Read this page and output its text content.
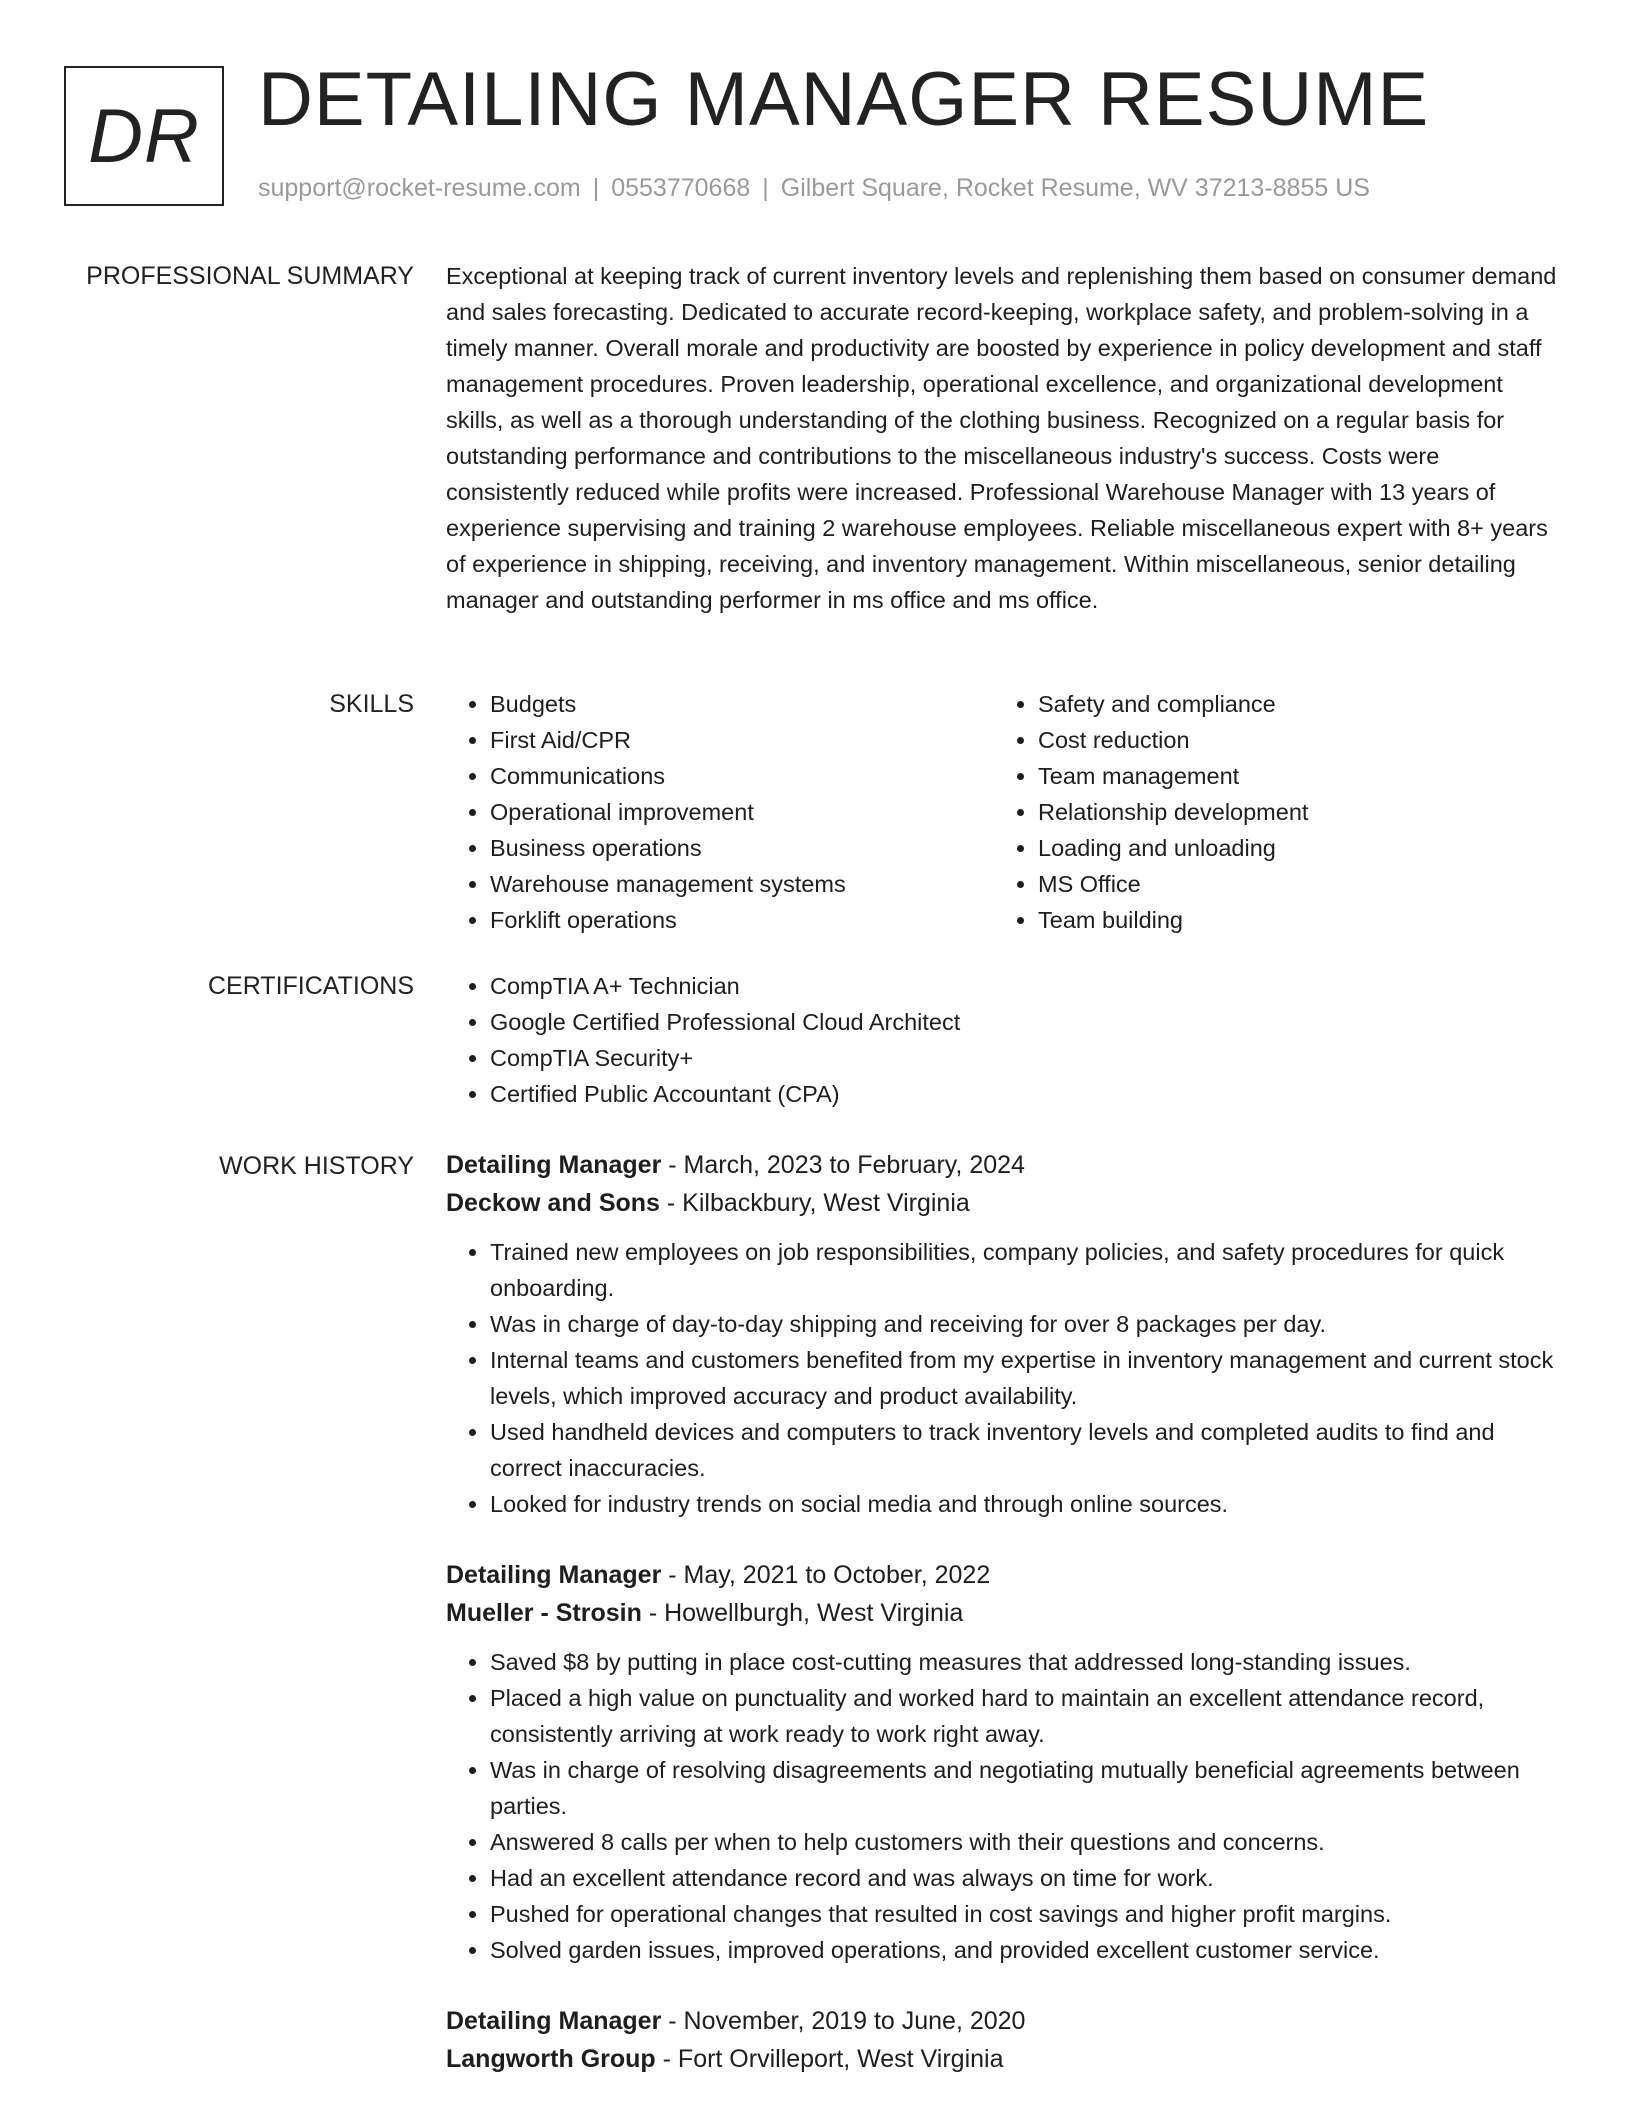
DR DETAILING MANAGER RESUME
support@rocket-resume.com | 0553770668 | Gilbert Square, Rocket Resume, WV 37213-8855 US
PROFESSIONAL SUMMARY Exceptional at keeping track of current inventory levels and replenishing them based on consumer demand and sales forecasting. Dedicated to accurate record-keeping, workplace safety, and problem-solving in a timely manner. Overall morale and productivity are boosted by experience in policy development and staff management procedures. Proven leadership, operational excellence, and organizational development skills, as well as a thorough understanding of the clothing business. Recognized on a regular basis for outstanding performance and contributions to the miscellaneous industry's success. Costs were consistently reduced while profits were increased. Professional Warehouse Manager with 13 years of experience supervising and training 2 warehouse employees. Reliable miscellaneous expert with 8+ years of experience in shipping, receiving, and inventory management. Within miscellaneous, senior detailing manager and outstanding performer in ms office and ms office.
SKILLS	• Budgets
• First Aid/CPR
• Communications
• Operational improvement
• Business operations
• Warehouse management systems
• Forklift operations
• Safety and compliance
• Cost reduction
• Team management
• Relationship development
• Loading and unloading
• MS Office
• Team building
CERTIFICATIONS	• CompTIA A+ Technician
• Google Certified Professional Cloud Architect
• CompTIA Security+
• Certified Public Accountant (CPA)
WORK HISTORY Detailing Manager - March, 2023 to February, 2024
Deckow and Sons - Kilbackbury, West Virginia
• Trained new employees on job responsibilities, company policies, and safety procedures for quick onboarding.
• Was in charge of day-to-day shipping and receiving for over 8 packages per day.
• Internal teams and customers benefited from my expertise in inventory management and current stock levels, which improved accuracy and product availability.
• Used handheld devices and computers to track inventory levels and completed audits to find and correct inaccuracies.
• Looked for industry trends on social media and through online sources.
Detailing Manager - May, 2021 to October, 2022
Mueller - Strosin - Howellburgh, West Virginia
• Saved $8 by putting in place cost-cutting measures that addressed long-standing issues.
• Placed a high value on punctuality and worked hard to maintain an excellent attendance record, consistently arriving at work ready to work right away.
• Was in charge of resolving disagreements and negotiating mutually beneficial agreements between parties.
• Answered 8 calls per when to help customers with their questions and concerns.
• Had an excellent attendance record and was always on time for work.
• Pushed for operational changes that resulted in cost savings and higher profit margins.
• Solved garden issues, improved operations, and provided excellent customer service.
Detailing Manager - November, 2019 to June, 2020
Langworth Group - Fort Orvilleport, West Virginia
